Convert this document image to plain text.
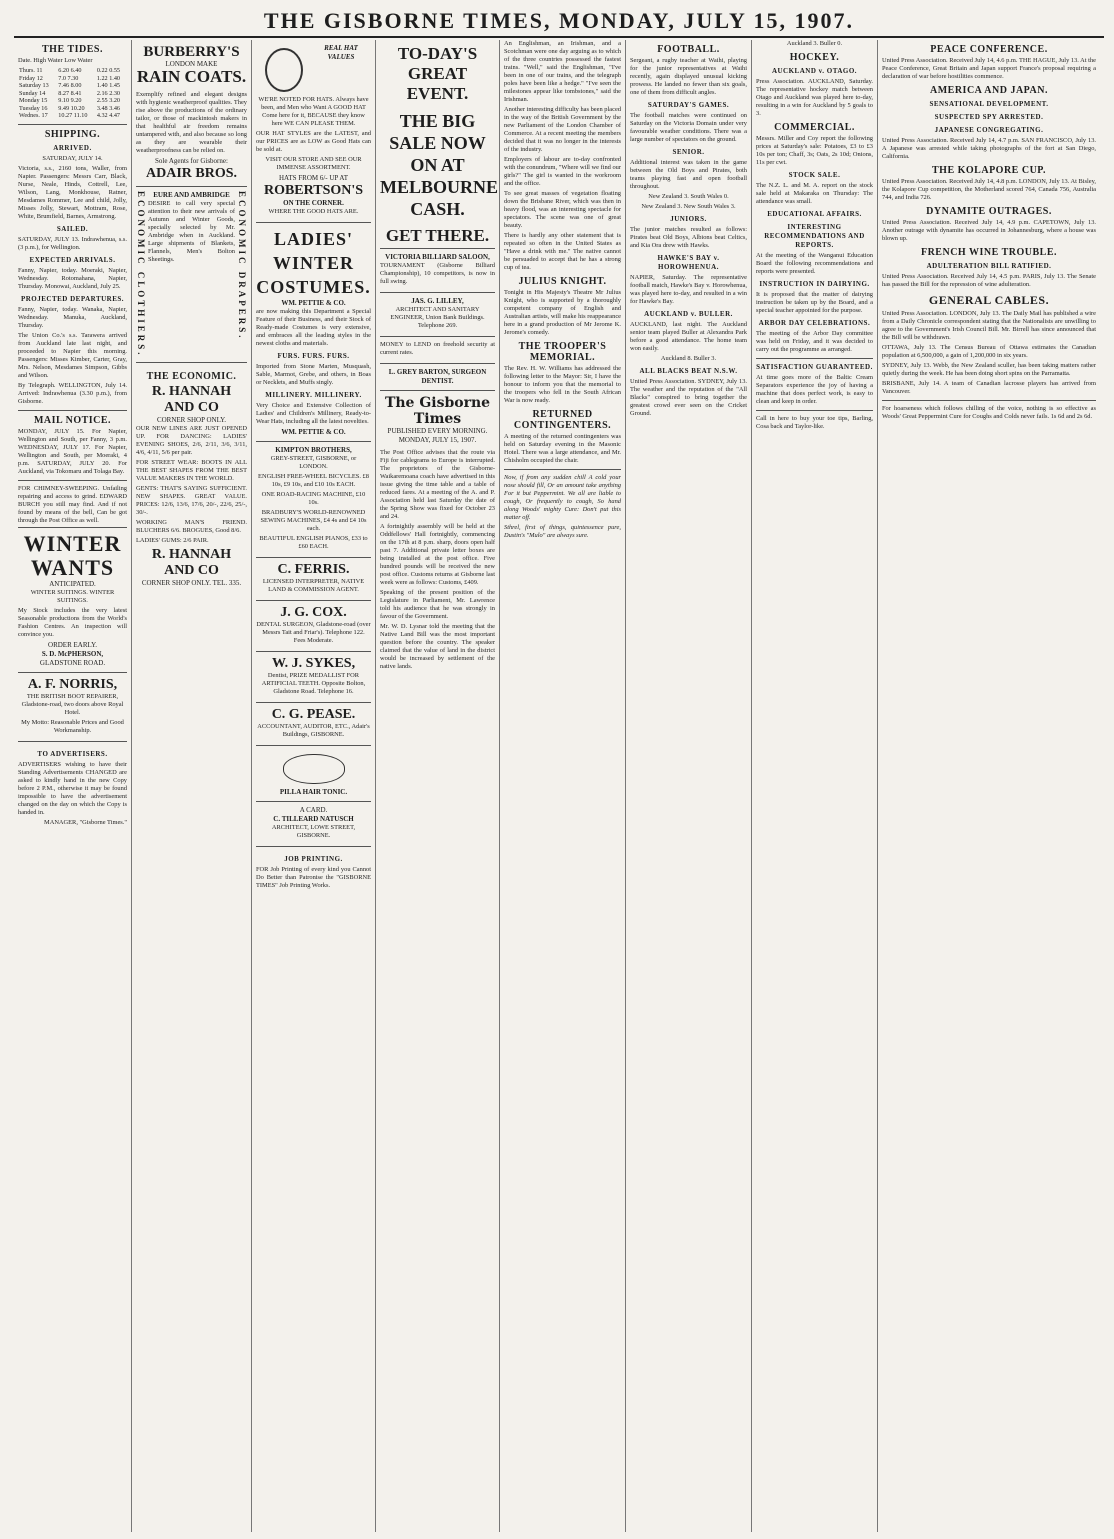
THE GISBORNE TIMES, MONDAY, JULY 15, 1907.
THE TIDES.
Date. High Water Low Water
Thurs. 11	6.20 6.40	0.22 0.55
Friday 12	7.0 7.30	1.22 1.40
Saturday 13	7.46 8.00	1.40 1.45
Sunday 14	8.27 8.41	2.16 2.30
Monday 15	9.10 9.20	2.55 3.20
Tuesday 16	9.49 10.20	3.48 3.46
Wednes. 17	10.27 11.10	4.32 4.47
SHIPPING.
ARRIVED.
SATURDAY, JULY 14.
Victoria, s.s., 2160 tons, Waller, from Napier. Passengers: Messrs Carr, Black, Nurse, Neale, Hinds, Cottrell, Lee, Wilson, Lang, Monkhouse, Ratner, Mesdames Rommer, Lee and child, Jolly, Misses Jolly, Stewart, Mottram, Rose, White, Brumfield, Barnes, Armstrong.
SAILED.
SATURDAY, JULY 13. Indrawhenua, s.s. (3 p.m.), for Wellington.
EXPECTED ARRIVALS.
Fanny, Napier, today. Moeraki, Napier, Wednesday. Rotomahana, Napier, Thursday. Monowai, Auckland, July 25.
PROJECTED DEPARTURES.
Fanny, Napier, today. Wanaka, Napier, Wednesday. Manuka, Auckland, Thursday.
The Union Co.'s s.s. Tarawera arrived from Auckland late last night, and proceeded to Napier this morning. Passengers: Misses Kimber, Carter, Gray, Mrs. Nelson, Mesdames Simpson, Gibbs and Wilson.
By Telegraph. WELLINGTON, July 14. Arrived: Indrawhenua (3.30 p.m.), from Gisborne.
MAIL NOTICE.
MONDAY, JULY 15. For Napier, Wellington and South, per Fanny, 3 p.m. WEDNESDAY, JULY 17. For Napier, Wellington and South, per Moeraki, 4 p.m. SATURDAY, JULY 20. For Auckland, via Tokomaru and Tolaga Bay.
FOR CHIMNEY-SWEEPING. Unfailing repairing and access to grind. EDWARD BURCH you still may find. And if not found by means of the bell, Can be got through the Post Office as well.
WINTER WANTS
ANTICIPATED.
WINTER SUITINGS. WINTER SUITINGS.
My Stock includes the very latest Seasonable productions from the World's Fashion Centres. An inspection will convince you.
ORDER EARLY.
S. D. McPHERSON,
GLADSTONE ROAD.
A. F. NORRIS,
THE BRITISH BOOT REPAIRER, Gladstone-road, two doors above Royal Hotel.
My Motto: Reasonable Prices and Good Workmanship.
TO ADVERTISERS.
ADVERTISERS wishing to have their Standing Advertisements CHANGED are asked to kindly hand in the new Copy before 2 P.M., otherwise it may be found impossible to have the advertisement changed on the day on which the Copy is handed in.
MANAGER, "Gisborne Times."
BURBERRY'S
LONDON MAKE
RAIN COATS.
Exemplify refined and elegant designs with hygienic weatherproof qualities. They rise above the productions of the ordinary tailor, or those of mackintosh makers in that healthful air freedom remains untampered with, and also because so long as they are wearable their weatherproofness can be relied on.
Sole Agents for Gisborne:
ADAIR BROS.
ECONOMIC CLOTHIERS.	EURE AND AMBRIDGE
DESIRE to call very special attention to their new arrivals of Autumn and Winter Goods, specially selected by Mr. Ambridge when in Auckland. Large shipments of Blankets, Flannels, Men's Bolton Sheetings.	ECONOMIC DRAPERS.
THE ECONOMIC.
R. HANNAH AND CO
CORNER SHOP ONLY.
OUR NEW LINES ARE JUST OPENED UP. FOR DANCING: LADIES' EVENING SHOES, 2/6, 2/11, 3/6, 3/11, 4/6, 4/11, 5/6 per pair.
FOR STREET WEAR: BOOTS IN ALL THE BEST SHAPES FROM THE BEST VALUE MAKERS IN THE WORLD.
GENTS: THAT'S SAYING SUFFICIENT. NEW SHAPES. GREAT VALUE. PRICES: 12/6, 13/6, 17/6, 20/-, 22/6, 25/-, 30/-.
WORKING MAN'S FRIEND. BLUCHERS 6/6. BROGUES, Good 8/6.
LADIES' GUMS: 2/6 PAIR.
R. HANNAH AND CO
CORNER SHOP ONLY. TEL. 335.
REAL HAT VALUES
WE'RE NOTED FOR HATS. Always have been, and Men who Want A GOOD HAT Come here for it, BECAUSE they know here WE CAN PLEASE THEM.
OUR HAT STYLES are the LATEST, and our PRICES are as LOW as Good Hats can be sold at.
VISIT OUR STORE AND SEE OUR IMMENSE ASSORTMENT.
HATS FROM 6/- UP AT
ROBERTSON'S
ON THE CORNER.
WHERE THE GOOD HATS ARE.
LADIES' WINTER COSTUMES.
WM. PETTIE & CO.
are now making this Department a Special Feature of their Business, and their Stock of Ready-made Costumes is very extensive, and embraces all the leading styles in the newest cloths and materials.
FURS. FURS. FURS.
Imported from Stone Marten, Musquash, Sable, Marmot, Grebe, and others, in Boas or Necklets, and Muffs singly.
MILLINERY. MILLINERY.
Very Choice and Extensive Collection of Ladies' and Children's Millinery, Ready-to-Wear Hats, including all the latest novelties.
WM. PETTIE & CO.
KIMPTON BROTHERS,
GREY-STREET, GISBORNE, or LONDON.
ENGLISH FREE-WHEEL BICYCLES. £8 10s, £9 10s, and £10 10s EACH.
ONE ROAD-RACING MACHINE, £10 10s.
BRADBURY'S WORLD-RENOWNED SEWING MACHINES, £4 4s and £4 10s each.
BEAUTIFUL ENGLISH PIANOS, £33 to £60 EACH.
C. FERRIS.
LICENSED INTERPRETER, NATIVE LAND & COMMISSION AGENT.
J. G. COX.
DENTAL SURGEON, Gladstone-road (over Messrs Tait and Friar's). Telephone 122. Fees Moderate.
W. J. SYKES,
Dentist, PRIZE MEDALLIST FOR ARTIFICIAL TEETH. Opposite Bolton, Gladstone Road. Telephone 16.
C. G. PEASE.
ACCOUNTANT, AUDITOR, ETC., Adair's Buildings, GISBORNE.
PILLA HAIR TONIC.
A CARD.
C. TILLEARD NATUSCH
ARCHITECT, LOWE STREET, GISBORNE.
JOB PRINTING.
FOR Job Printing of every kind you Cannot Do Better than Patronise the "GISBORNE TIMES" Job Printing Works.
TO-DAY'S GREAT EVENT.
THE BIG SALE NOW ON AT MELBOURNE CASH.
GET THERE.
VICTORIA BILLIARD SALOON,
TOURNAMENT (Gisborne Billiard Championship), 10 competitors, is now in full swing.
JAS. G. LILLEY,
ARCHITECT AND SANITARY ENGINEER, Union Bank Buildings. Telephone 269.
MONEY to LEND on freehold security at current rates.
L. GREY BARTON, SURGEON DENTIST.
The Gisborne Times
PUBLISHED EVERY MORNING.
MONDAY, JULY 15, 1907.
The Post Office advises that the route via Fiji for cablegrams to Europe is interrupted. The proprietors of the Gisborne-Waikaremoana coach have advertised in this issue giving the time table and a table of reduced fares. At a meeting of the A. and P. Association held last Saturday the date of the Spring Show was fixed for October 23 and 24.
A fortnightly assembly will be held at the Oddfellows' Hall fortnightly, commencing on the 17th at 8 p.m. sharp, doors open half past 7. Additional private letter boxes are being installed at the post office. Five hundred pounds will be received the new post office. Customs returns at Gisborne last week were as follows: Customs, £409.
Speaking of the present position of the Legislature in Parliament, Mr. Lawrence told his audience that he was strongly in favour of the Government.
Mr. W. D. Lysnar told the meeting that the Native Land Bill was the most important question before the country. The speaker claimed that the value of land in the district would be increased by settlement of the native lands.
An Englishman, an Irishman, and a Scotchman were one day arguing as to which of the three countries possessed the fastest trains. "Well," said the Englishman, "I've been in one of our trains, and the telegraph poles have been like a hedge." "I've seen the milestones appear like tombstones," said the Irishman.
Another interesting difficulty has been placed in the way of the British Government by the new Parliament of the London Chamber of Commerce. At a recent meeting the members decided that it was no longer in the interests of the industry.
Employers of labour are to-day confronted with the conundrum, "Where will we find our girls?" The girl is wanted in the workroom and the office.
To see great masses of vegetation floating down the Brisbane River, which was then in heavy flood, was an interesting spectacle for spectators. The scene was one of great beauty.
There is hardly any other statement that is repeated so often in the United States as "Have a drink with me." The native cannot be persuaded to accept that he has a strong cup of tea.
JULIUS KNIGHT.
Tonight in His Majesty's Theatre Mr Julius Knight, who is supported by a thoroughly competent company of English and Australian artists, will make his reappearance here in a grand production of Mr Jerome K. Jerome's comedy.
THE TROOPER'S MEMORIAL.
The Rev. H. W. Williams has addressed the following letter to the Mayor: Sir, I have the honour to inform you that the memorial to the troopers who fell in the South African War is now ready.
RETURNED CONTINGENTERS.
A meeting of the returned contingenters was held on Saturday evening in the Masonic Hotel. There was a large attendance, and Mr. Chisholm occupied the chair.
Now, if from any sudden chill A cold your nose should fill, Or an amount take anything For it but Peppermint. We all are liable to cough, Or frequently to cough, So hand along Woods' mighty Cure: Don't put this matter off.
Sthrel, first of things, quintessence pure, Dustin's "Mulo" are always sure.
FOOTBALL.
Sergeant, a rugby teacher at Waihi, playing for the junior representatives at Waihi recently, again displayed unusual kicking prowess. He landed no fewer than six goals, one of them from difficult angles.
SATURDAY'S GAMES.
The football matches were continued on Saturday on the Victoria Domain under very favourable weather conditions. There was a large number of spectators on the ground.
SENIOR.
Additional interest was taken in the game between the Old Boys and Pirates, both teams playing fast and open football throughout.
New Zealand 3. South Wales 0.
New Zealand 3. New South Wales 3.
JUNIORS.
The junior matches resulted as follows: Pirates beat Old Boys, Albions beat Celtics, and Kia Ora drew with Hawks.
HAWKE'S BAY v. HOROWHENUA.
NAPIER, Saturday. The representative football match, Hawke's Bay v. Horowhenua, was played here to-day, and resulted in a win for Hawke's Bay.
AUCKLAND v. BULLER.
AUCKLAND, last night. The Auckland senior team played Buller at Alexandra Park before a good attendance. The home team won easily.
Auckland 8. Buller 3.
ALL BLACKS BEAT N.S.W.
United Press Association. SYDNEY, July 13. The weather and the reputation of the "All Blacks" conspired to bring together the greatest crowd ever seen on the Cricket Ground.
Auckland 3. Buller 0.
HOCKEY.
AUCKLAND v. OTAGO.
Press Association. AUCKLAND, Saturday. The representative hockey match between Otago and Auckland was played here to-day, resulting in a win for Auckland by 5 goals to 3.
COMMERCIAL.
Messrs. Miller and Coy report the following prices at Saturday's sale: Potatoes, £3 to £3 10s per ton; Chaff, 3s; Oats, 2s 10d; Onions, 11s per cwt.
STOCK SALE.
The N.Z. L. and M. A. report on the stock sale held at Makaraka on Thursday: The attendance was small.
EDUCATIONAL AFFAIRS.
INTERESTING RECOMMENDATIONS AND REPORTS.
At the meeting of the Wanganui Education Board the following recommendations and reports were presented.
INSTRUCTION IN DAIRYING.
It is proposed that the matter of dairying instruction be taken up by the Board, and a special teacher appointed for the purpose.
ARBOR DAY CELEBRATIONS.
The meeting of the Arbor Day committee was held on Friday, and it was decided to carry out the programme as arranged.
SATISFACTION GUARANTEED.
At time goes more of the Baltic Cream Separators experience the joy of having a machine that does perfect work, is easy to clean and keep in order.
Call in here to buy your toe tips, Barling, Cosa back and Taylor-like.
PEACE CONFERENCE.
United Press Association. Received July 14, 4.6 p.m. THE HAGUE, July 13. At the Peace Conference, Great Britain and Japan support France's proposal requiring a declaration of war before hostilities commence.
AMERICA AND JAPAN.
SENSATIONAL DEVELOPMENT.
SUSPECTED SPY ARRESTED.
JAPANESE CONGREGATING.
United Press Association. Received July 14, 4.7 p.m. SAN FRANCISCO, July 13. A Japanese was arrested while taking photographs of the fort at San Diego, California.
THE KOLAPORE CUP.
United Press Association. Received July 14, 4.8 p.m. LONDON, July 13. At Bisley, the Kolapore Cup competition, the Motherland scored 764, Canada 756, Australia 744, and India 726.
DYNAMITE OUTRAGES.
United Press Association. Received July 14, 4.9 p.m. CAPETOWN, July 13. Another outrage with dynamite has occurred in Johannesburg, where a house was blown up.
FRENCH WINE TROUBLE.
ADULTERATION BILL RATIFIED.
United Press Association. Received July 14, 4.5 p.m. PARIS, July 13. The Senate has passed the Bill for the repression of wine adulteration.
GENERAL CABLES.
United Press Association. LONDON, July 13. The Daily Mail has published a wire from a Daily Chronicle correspondent stating that the Nationalists are unwilling to agree to the Government's Irish Council Bill. Mr. Birrell has since announced that the Bill will be withdrawn.
OTTAWA, July 13. The Census Bureau of Ottawa estimates the Canadian population at 6,500,000, a gain of 1,200,000 in six years.
SYDNEY, July 13. Webb, the New Zealand sculler, has been taking matters rather quietly during the week. He has been doing short spins on the Parramatta.
BRISBANE, July 14. A team of Canadian lacrosse players has arrived from Vancouver.
For hoarseness which follows chilling of the voice, nothing is so effective as Woods' Great Peppermint Cure for Coughs and Colds never fails. 1s 6d and 2s 6d.
